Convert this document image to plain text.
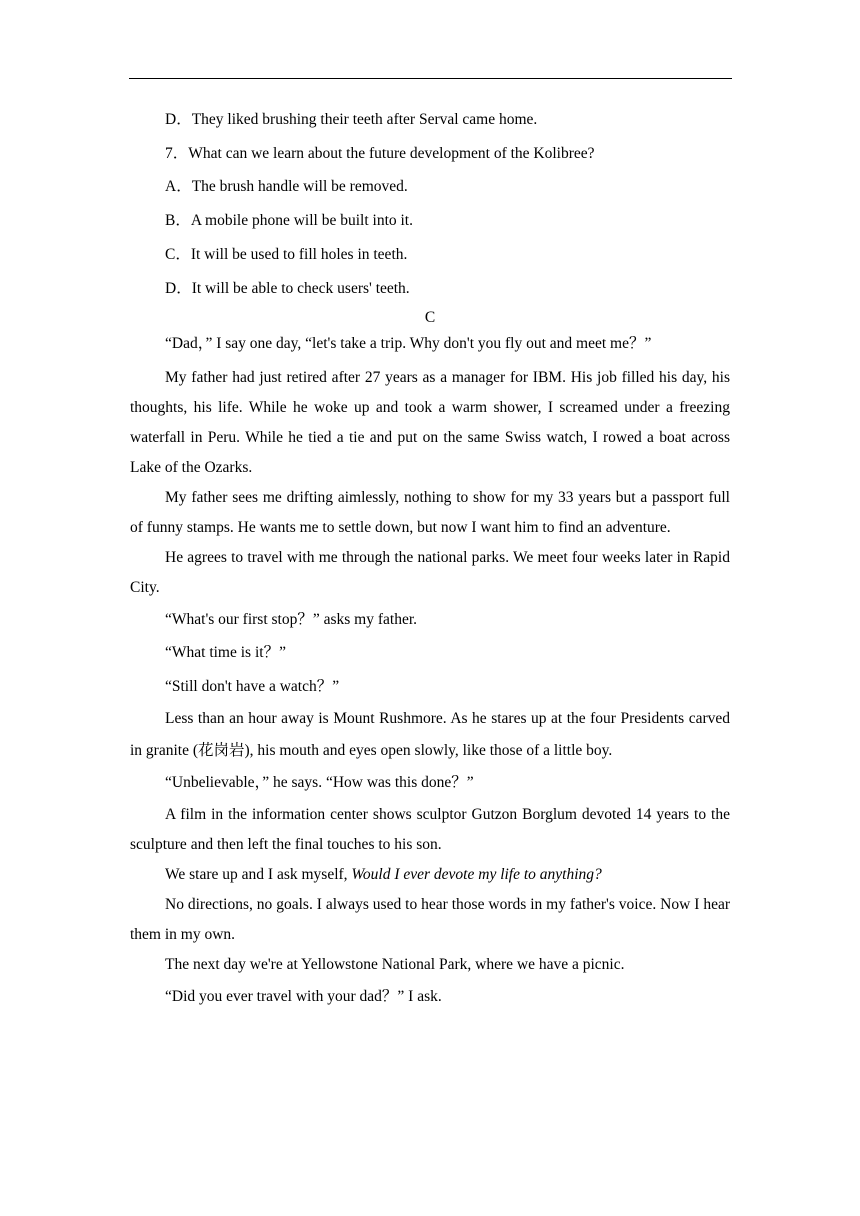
D．They liked brushing their teeth after Serval came home.

7．What can we learn about the future development of the Kolibree?

A．The brush handle will be removed.

B．A mobile phone will be built into it.

C．It will be used to fill holes in teeth.

D．It will be able to check users' teeth.

C

“Dad，” I say one day, “let's take a trip. Why don't you fly out and meet me？”

My father had just retired after 27 years as a manager for IBM. His job filled his day, his thoughts, his life. While he woke up and took a warm shower, I screamed under a freezing waterfall in Peru. While he tied a tie and put on the same Swiss watch, I rowed a boat across Lake of the Ozarks.

My father sees me drifting aimlessly, nothing to show for my 33 years but a passport full of funny stamps. He wants me to settle down, but now I want him to find an adventure.

He agrees to travel with me through the national parks. We meet four weeks later in Rapid City.

“What's our first stop？” asks my father.

“What time is it？”

“Still don't have a watch？”

Less than an hour away is Mount Rushmore. As he stares up at the four Presidents carved in granite (花岗岩), his mouth and eyes open slowly, like those of a little boy.

“Unbelievable，” he says. “How was this done？”

A film in the information center shows sculptor Gutzon Borglum devoted 14 years to the sculpture and then left the final touches to his son.

We stare up and I ask myself, Would I ever devote my life to anything?

No directions, no goals. I always used to hear those words in my father's voice. Now I hear them in my own.

The next day we're at Yellowstone National Park, where we have a picnic.

“Did you ever travel with your dad？” I ask.
